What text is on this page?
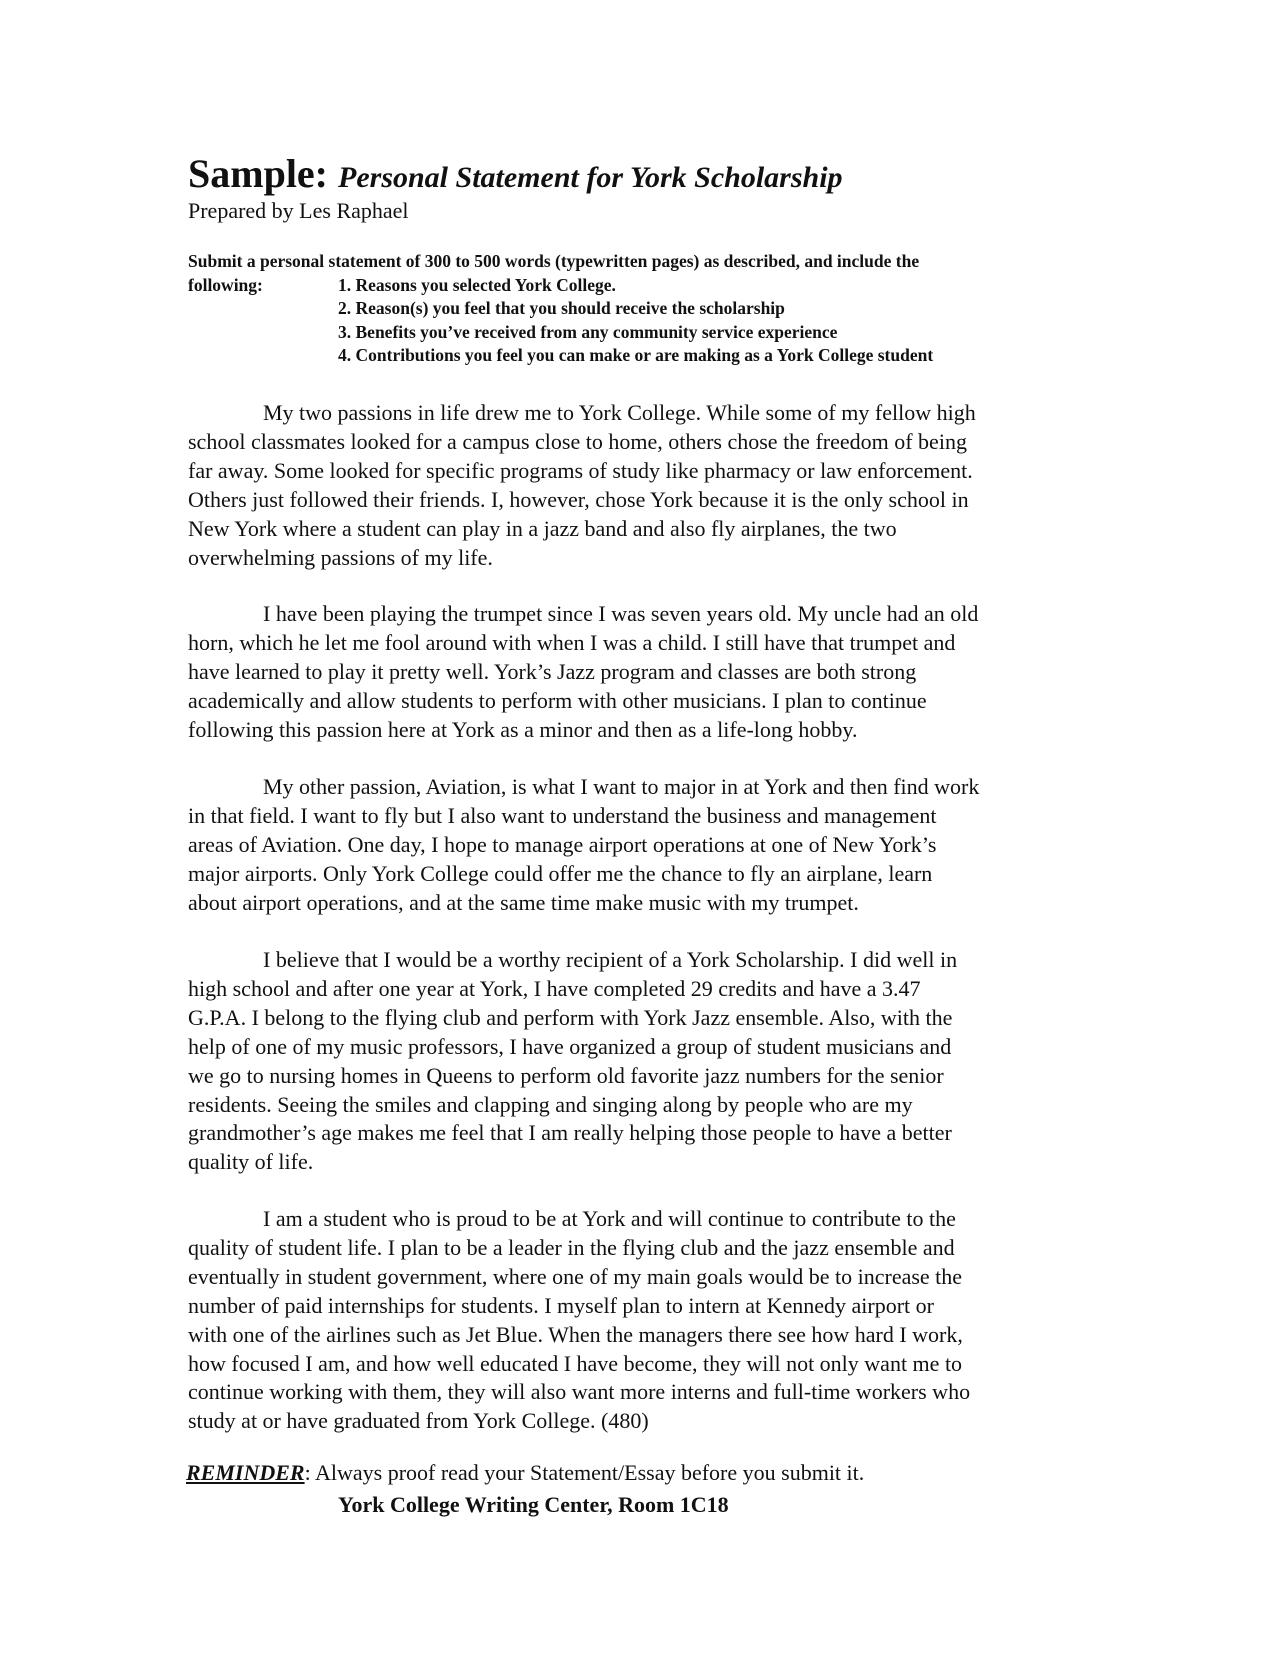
Sample: Personal Statement for York Scholarship
Prepared by Les Raphael
Submit a personal statement of 300 to 500 words (typewritten pages) as described, and include the
following:	1. Reasons you selected York College.
2. Reason(s) you feel that you should receive the scholarship
3. Benefits you’ve received from any community service experience
4. Contributions you feel you can make or are making as a York College student
My two passions in life drew me to York College. While some of my fellow high
school classmates looked for a campus close to home, others chose the freedom of being
far away. Some looked for specific programs of study like pharmacy or law enforcement.
Others just followed their friends. I, however, chose York because it is the only school in
New York where a student can play in a jazz band and also fly airplanes, the two
overwhelming passions of my life.
I have been playing the trumpet since I was seven years old. My uncle had an old
horn, which he let me fool around with when I was a child. I still have that trumpet and
have learned to play it pretty well. York’s Jazz program and classes are both strong
academically and allow students to perform with other musicians. I plan to continue
following this passion here at York as a minor and then as a life-long hobby.
My other passion, Aviation, is what I want to major in at York and then find work
in that field. I want to fly but I also want to understand the business and management
areas of Aviation. One day, I hope to manage airport operations at one of New York’s
major airports. Only York College could offer me the chance to fly an airplane, learn
about airport operations, and at the same time make music with my trumpet.
I believe that I would be a worthy recipient of a York Scholarship. I did well in
high school and after one year at York, I have completed 29 credits and have a 3.47
G.P.A. I belong to the flying club and perform with York Jazz ensemble. Also, with the
help of one of my music professors, I have organized a group of student musicians and
we go to nursing homes in Queens to perform old favorite jazz numbers for the senior
residents. Seeing the smiles and clapping and singing along by people who are my
grandmother’s age makes me feel that I am really helping those people to have a better
quality of life.
I am a student who is proud to be at York and will continue to contribute to the
quality of student life. I plan to be a leader in the flying club and the jazz ensemble and
eventually in student government, where one of my main goals would be to increase the
number of paid internships for students. I myself plan to intern at Kennedy airport or
with one of the airlines such as Jet Blue. When the managers there see how hard I work,
how focused I am, and how well educated I have become, they will not only want me to
continue working with them, they will also want more interns and full-time workers who
study at or have graduated from York College. (480)
REMINDER: Always proof read your Statement/Essay before you submit it.
York College Writing Center, Room 1C18
